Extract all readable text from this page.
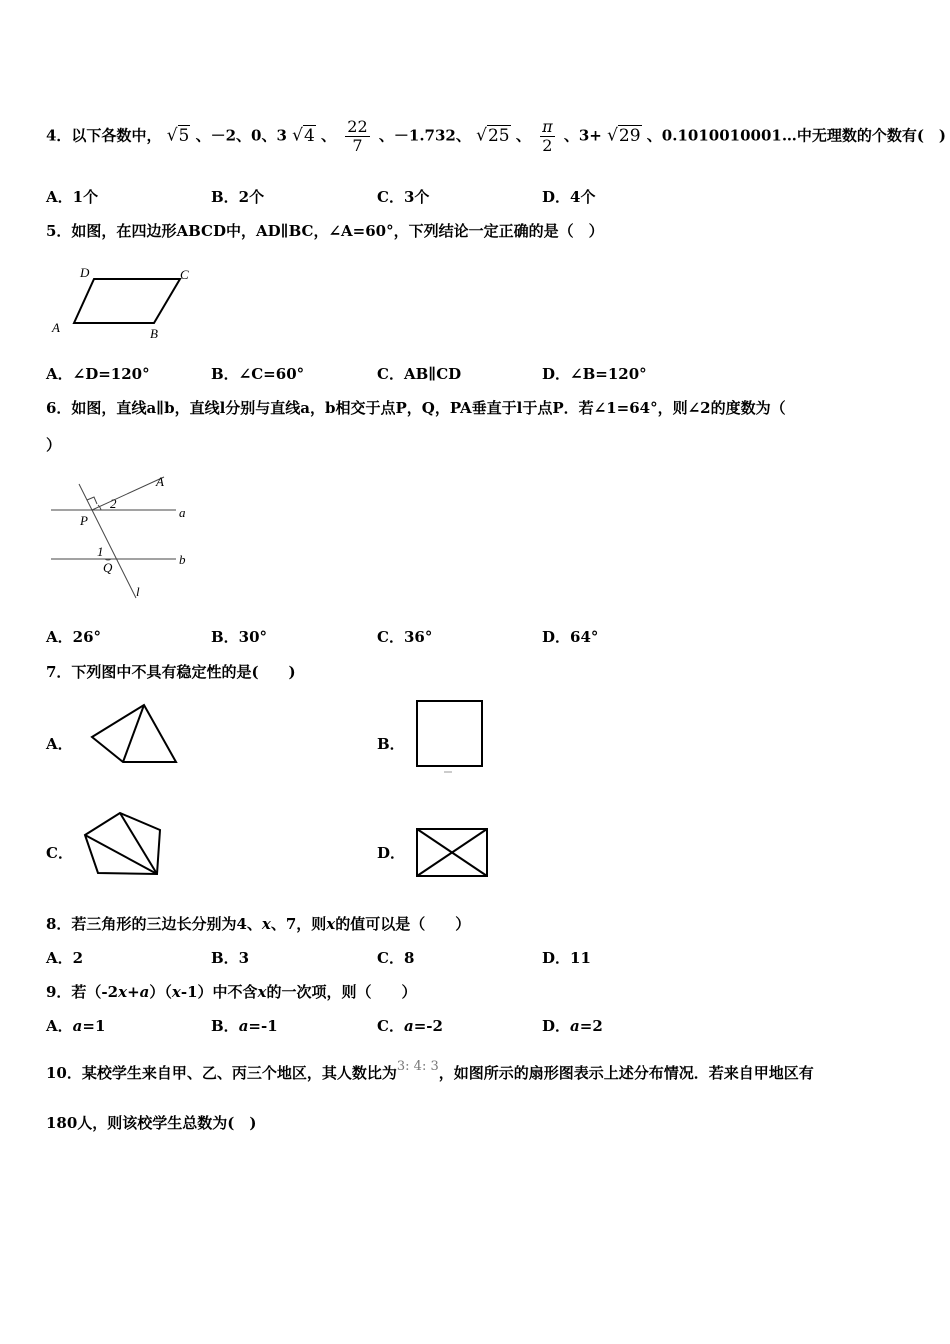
4．以下各数中， √5 、－2、0、3 √4 、 $\frac{22}{7}$ 、－1.732、 √25 、 $\frac{\pi}{2}$ 、3+ √29 、0.1010010001…中无理数的个数有(　)
A．1个	B．2个	C．3个	D．4个
5．如图，在四边形ABCD中，AD∥BC，∠A=60°，下列结论一定正确的是（　）
D	C
A	B
A．∠D=120°	B．∠C=60°	C．AB∥CD	D．∠B=120°
6．如图，直线a∥b，直线l分别与直线a，b相交于点P，Q，PA垂直于l于点P．若∠1=64°，则∠2的度数为（
）
A
2
a
P
1
b
Q
l
A．26°	B．30°	C．36°	D．64°
7．下列图中不具有稳定性的是(　　)
A．	B．
C．	D．
8．若三角形的三边长分别为4、x、7，则x的值可以是（　　）
A．2	B．3	C．8	D．11
9．若（-2x+a）（x-1）中不含x的一次项，则（　　）
A．a=1	B．a=-1	C．a=-2	D．a=2
10．某校学生来自甲、乙、丙三个地区，其人数比为3: 4: 3，如图所示的扇形图表示上述分布情况．若来自甲地区有
180人，则该校学生总数为(　)
